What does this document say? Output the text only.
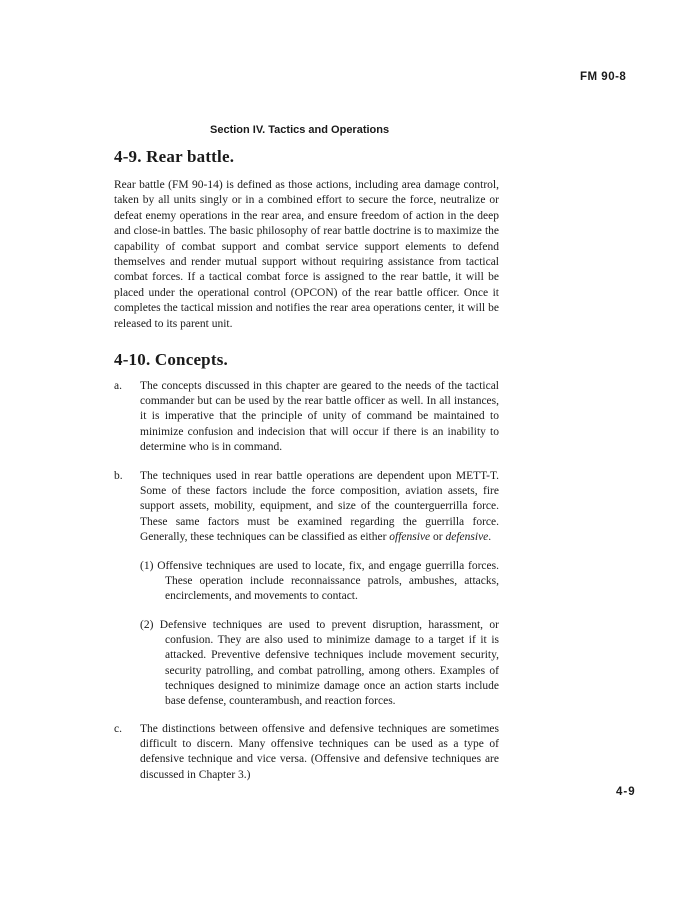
FM 90-8
Section IV. Tactics and Operations
4-9. Rear battle.
Rear battle (FM 90-14) is defined as those actions, including area damage control, taken by all units singly or in a combined effort to secure the force, neutralize or defeat enemy operations in the rear area, and ensure freedom of action in the deep and close-in battles. The basic philosophy of rear battle doctrine is to maximize the capability of combat support and combat service support elements to defend themselves and render mutual support without requiring assistance from tactical combat forces. If a tactical combat force is assigned to the rear battle, it will be placed under the operational control (OPCON) of the rear battle officer. Once it completes the tactical mission and notifies the rear area operations center, it will be released to its parent unit.
4-10. Concepts.
a. The concepts discussed in this chapter are geared to the needs of the tactical commander but can be used by the rear battle officer as well. In all instances, it is imperative that the principle of unity of command be maintained to minimize confusion and indecision that will occur if there is an inability to determine who is in command.
b. The techniques used in rear battle operations are dependent upon METT-T. Some of these factors include the force composition, aviation assets, fire support assets, mobility, equipment, and size of the counterguerrilla force. These same factors must be examined regarding the guerrilla force. Generally, these techniques can be classified as either offensive or defensive.
(1) Offensive techniques are used to locate, fix, and engage guerrilla forces. These operation include reconnaissance patrols, ambushes, attacks, encirclements, and movements to contact.
(2) Defensive techniques are used to prevent disruption, harassment, or confusion. They are also used to minimize damage to a target if it is attacked. Preventive defensive techniques include movement security, security patrolling, and combat patrolling, among others. Examples of techniques designed to minimize damage once an action starts include base defense, counterambush, and reaction forces.
c. The distinctions between offensive and defensive techniques are sometimes difficult to discern. Many offensive techniques can be used as a type of defensive technique and vice versa. (Offensive and defensive techniques are discussed in Chapter 3.)
4-9
